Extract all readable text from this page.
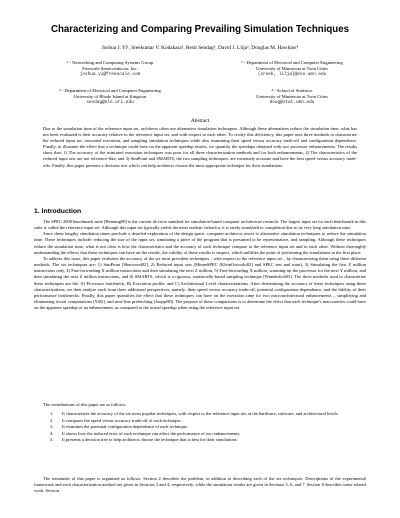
Characterizing and Comparing Prevailing Simulation Techniques
Joshua J. Yi¹, Sreekumar V. Kodakara², Resit Sendag³, David J. Lilja², Douglas M. Hawkins⁴
¹ - Networking and Computing Systems Group
Freescale Semiconductor, Inc.
joshua.yi@freescale.com
² - Department of Electrical and Computer Engineering
University of Minnesota at Twin Cities
{sreek, lilja}@ece.umn.edu
³ - Department of Electrical and Computer Engineering
University of Rhode Island at Kingston
sendag@ele.uri.edu
⁴ - School of Statistics
University of Minnesota at Twin Cities
doug@stat.umn.edu
Abstract
Due to the simulation time of the reference input set, architects often use alternative simulation techniques. Although these alternatives reduce the simulation time, what has not been evaluated is their accuracy relative to the reference input set, and with respect to each other. To rectify this deficiency, this paper uses three methods to characterize the reduced input set, truncated execution, and sampling simulation techniques while also examining their speed versus accuracy trade-off and configuration dependence. Finally, to illustrate the effect that a technique could have on the apparent speedup results, we quantify the speedups obtained with two processor enhancements. The results show that: 1) The accuracy of the truncated execution techniques was poor for all three characterization methods and for both enhancements, 2) The characteristics of the reduced input sets are not reference-like, and 3) SimPoint and SMARTS, the two sampling techniques, are extremely accurate and have the best speed versus accuracy trade-offs. Finally, this paper presents a decision tree which can help architects choose the most appropriate technique for their simulations.
1. Introduction

The SPEC 2000 benchmark suite [Henning00] is the current de facto standard for simulation-based computer architecture research. The largest input set for each benchmark in this suite is called the reference input set. Although this input set typically yields the most realistic behavior, it is rarely simulated to completion due to its very long simulation time.

Since these lengthy simulation times preclude a detailed exploration of the design space, computer architects resort to alternative simulation techniques to reduce the simulation time. These techniques include: reducing the size of the input set, simulating a piece of the program that is presumed to be representative, and sampling. Although these techniques reduce the simulation time, what is not clear is how the characteristics and the accuracy of each technique compare to the reference input set and to each other. Without thoroughly understanding the effects that these techniques can have on the results, the validity of those results is suspect, which nullifies the point of performing the simulations in the first place.

To address this issue, this paper evaluates the accuracy of the six most prevalent techniques – with respect to the reference input set – by characterizing them using three different methods. The six techniques are: 1) SimPoint [Sherwood02], 2) Reduced input sets (MinneSPEC [KleinOsowski02] and SPEC test and train), 3) Simulating the first Z million instructions only, 4) Fast-forwarding X million instructions and then simulating the next Z million, 5) Fast-forwarding X million, warming-up the processor for the next Y million, and then simulating the next Z million instructions, and 6) SMARTS, which is a rigorous, statistically-based sampling technique [Wunderlich03]. The three methods used to characterize these techniques are the: A) Processor bottleneck, B) Execution profile, and C) Architectural Level characterizations. After determining the accuracy of these techniques using these characterizations, we then analyze each from three additional perspectives, namely: their speed versus accuracy trade-off, potential configuration dependence, and the fidelity of their performance bottlenecks. Finally, this paper quantifies the effect that these techniques can have on the execution time for two microarchitectural enhancements – simplifying and eliminating trivial computations [Yi02], and next-line prefetching [Jouppi90]. The purpose of these comparisons is to determine the effect that each technique's inaccuracies could have on the apparent speedup of an enhancement, as compared to the actual speedup when using the reference input set.

The contributions of this paper are as follows:

1. It characterizes the accuracy of the six most popular techniques, with respect to the reference input set, at the hardware, software, and architectural levels.
2. It compares the speed versus accuracy trade-off of each technique.
3. It examines the potential configuration dependence of each technique.
4. It shows how the induced error of each technique can affect the performance of two enhancements.
5. It presents a decision tree to help architects choose the technique that is best for their simulations.

The remainder of this paper is organized as follows: Section 2 describes the problem, in addition to describing each of the six techniques. Descriptions of the experimental framework and each characterization method are given in Sections 3 and 4, respectively, while the simulation results are given in Sections 5, 6, and 7. Section 8 describes some related work. Section
